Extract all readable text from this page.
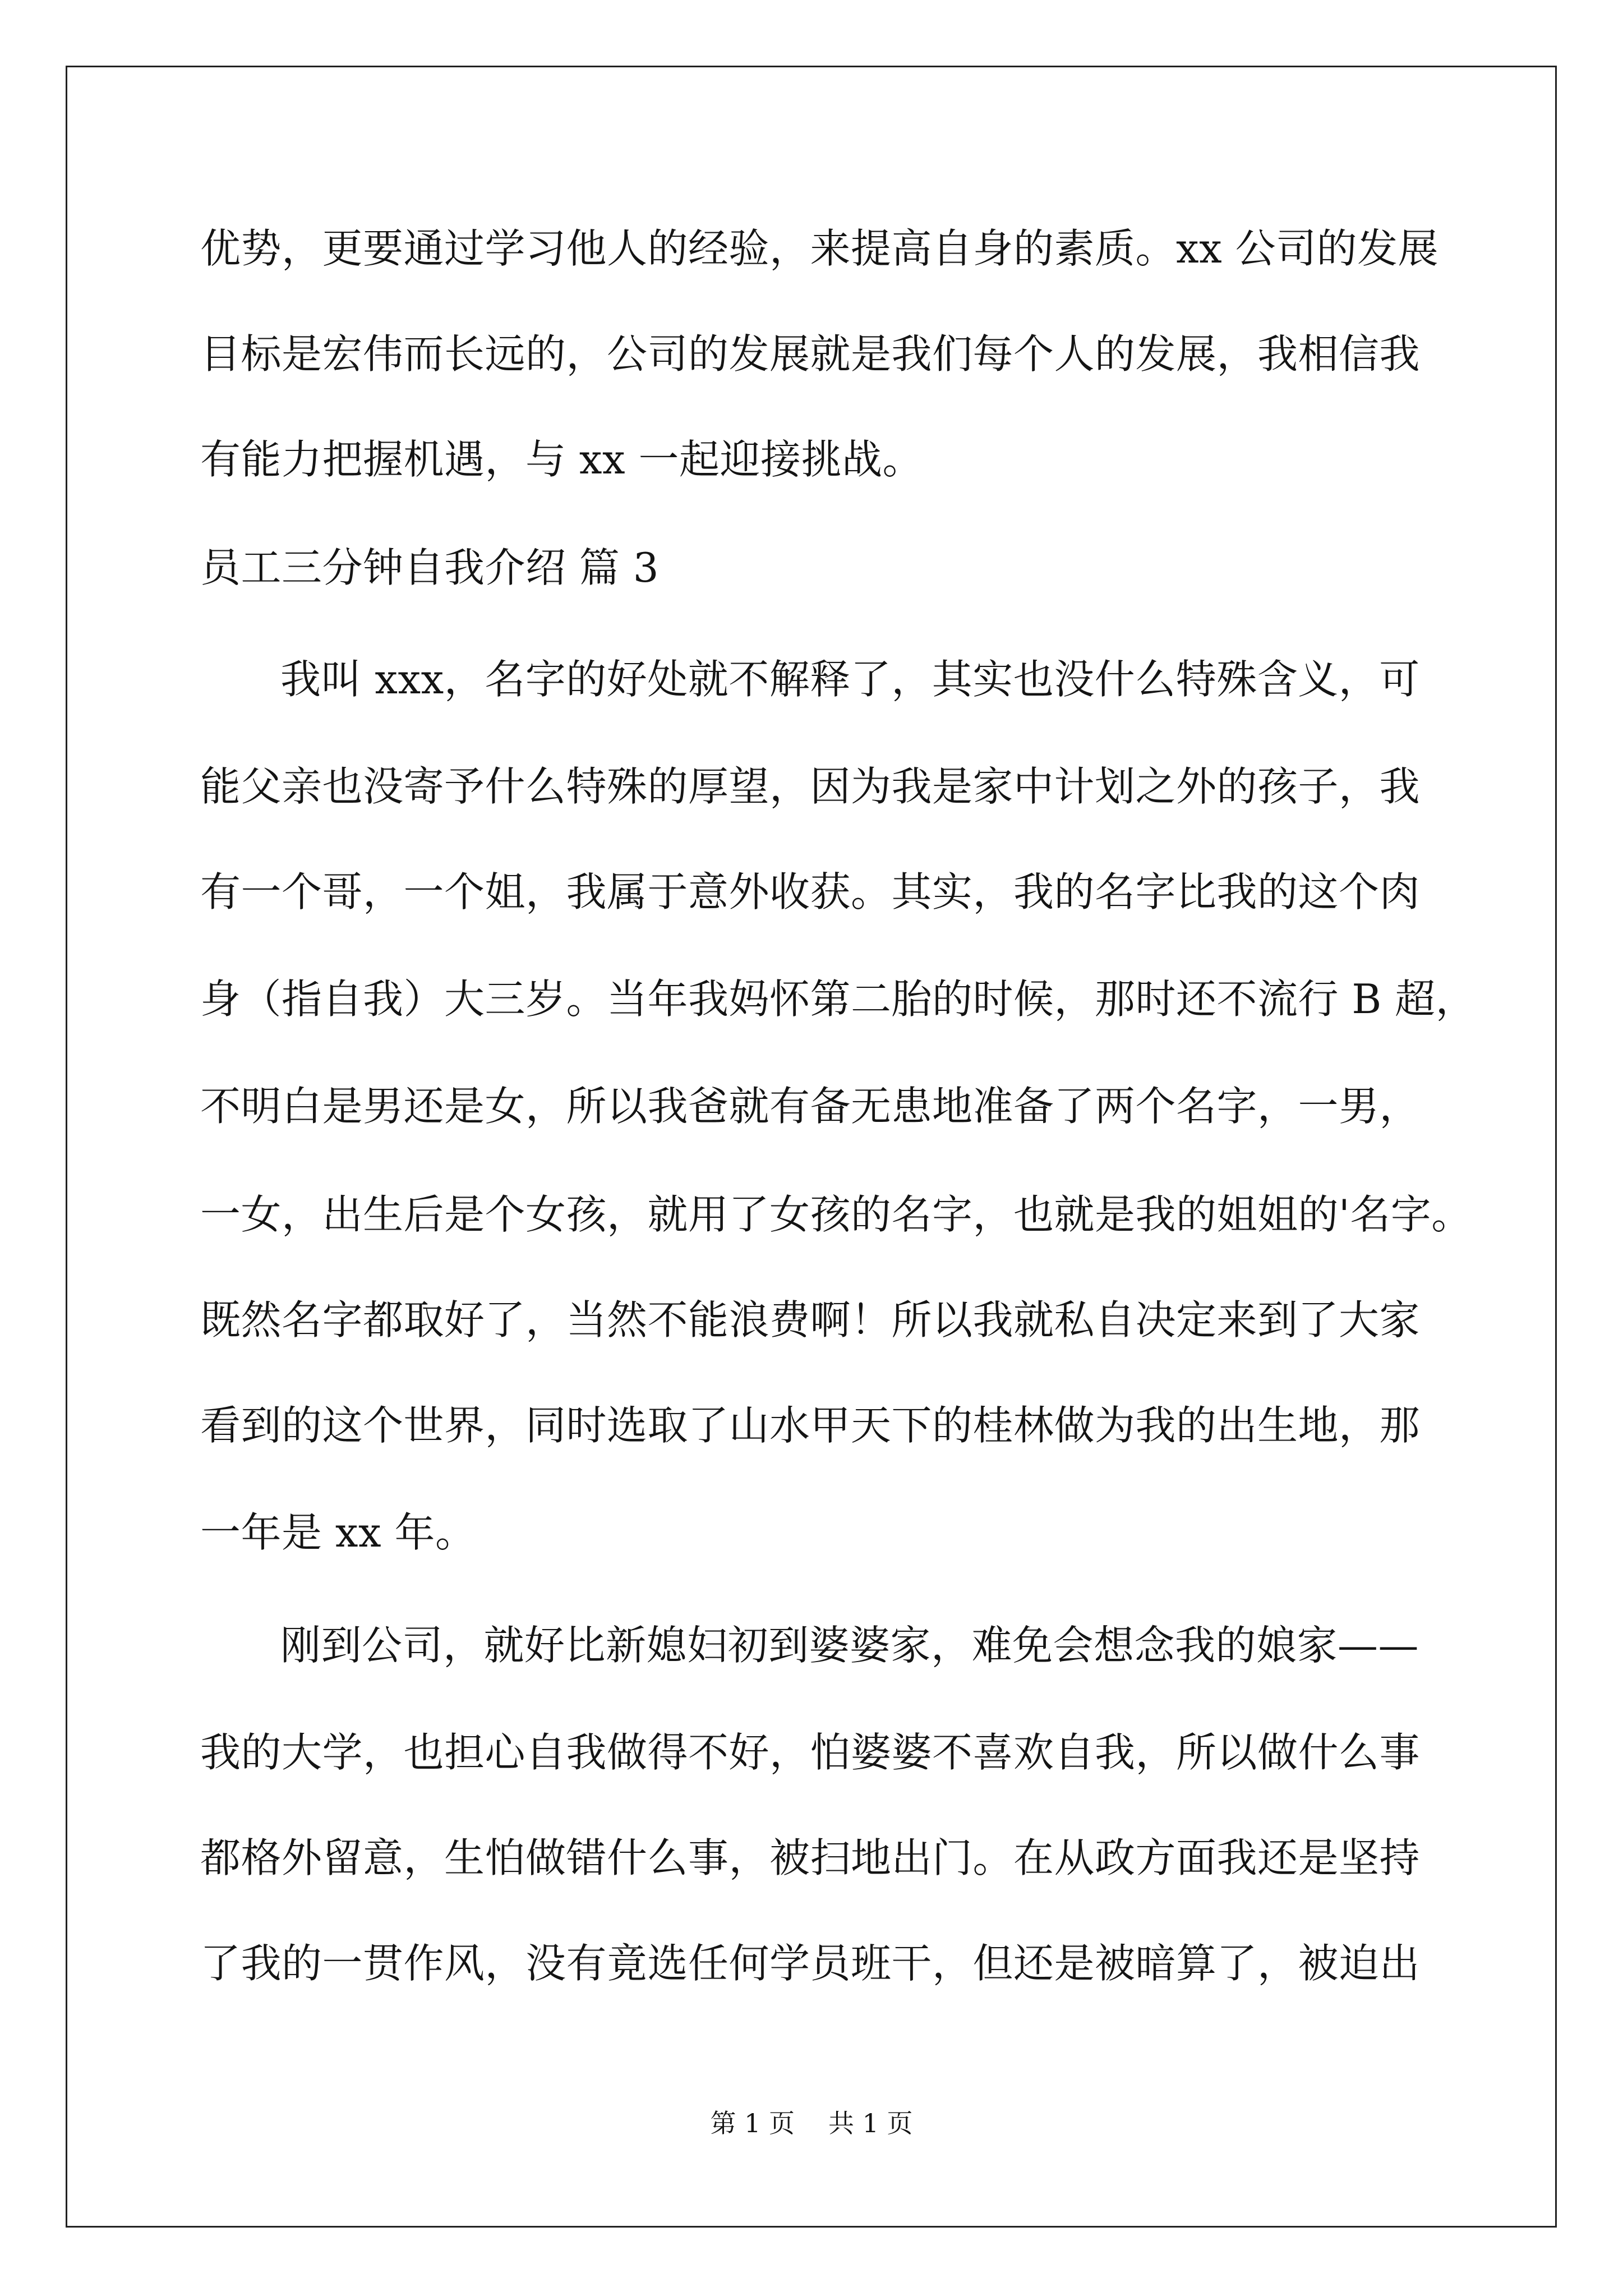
优势，更要通过学习他人的经验，来提高自身的素质。xx 公司的发展
目标是宏伟而长远的，公司的发展就是我们每个人的发展，我相信我
有能力把握机遇，与 xx 一起迎接挑战。
员工三分钟自我介绍 篇 3
我叫 xxx，名字的好处就不解释了，其实也没什么特殊含义，可
能父亲也没寄予什么特殊的厚望，因为我是家中计划之外的孩子，我
有一个哥，一个姐，我属于意外收获。其实，我的名字比我的这个肉
身（指自我）大三岁。当年我妈怀第二胎的时候，那时还不流行 B 超，
不明白是男还是女，所以我爸就有备无患地准备了两个名字，一男，
一女，出生后是个女孩，就用了女孩的名字，也就是我的姐姐的'名字。
既然名字都取好了，当然不能浪费啊！所以我就私自决定来到了大家
看到的这个世界，同时选取了山水甲天下的桂林做为我的出生地，那
一年是 xx 年。
刚到公司，就好比新媳妇初到婆婆家，难免会想念我的娘家——
我的大学，也担心自我做得不好，怕婆婆不喜欢自我，所以做什么事
都格外留意，生怕做错什么事，被扫地出门。在从政方面我还是坚持
了我的一贯作风，没有竟选任何学员班干，但还是被暗算了，被迫出
第 1 页 共 1 页
